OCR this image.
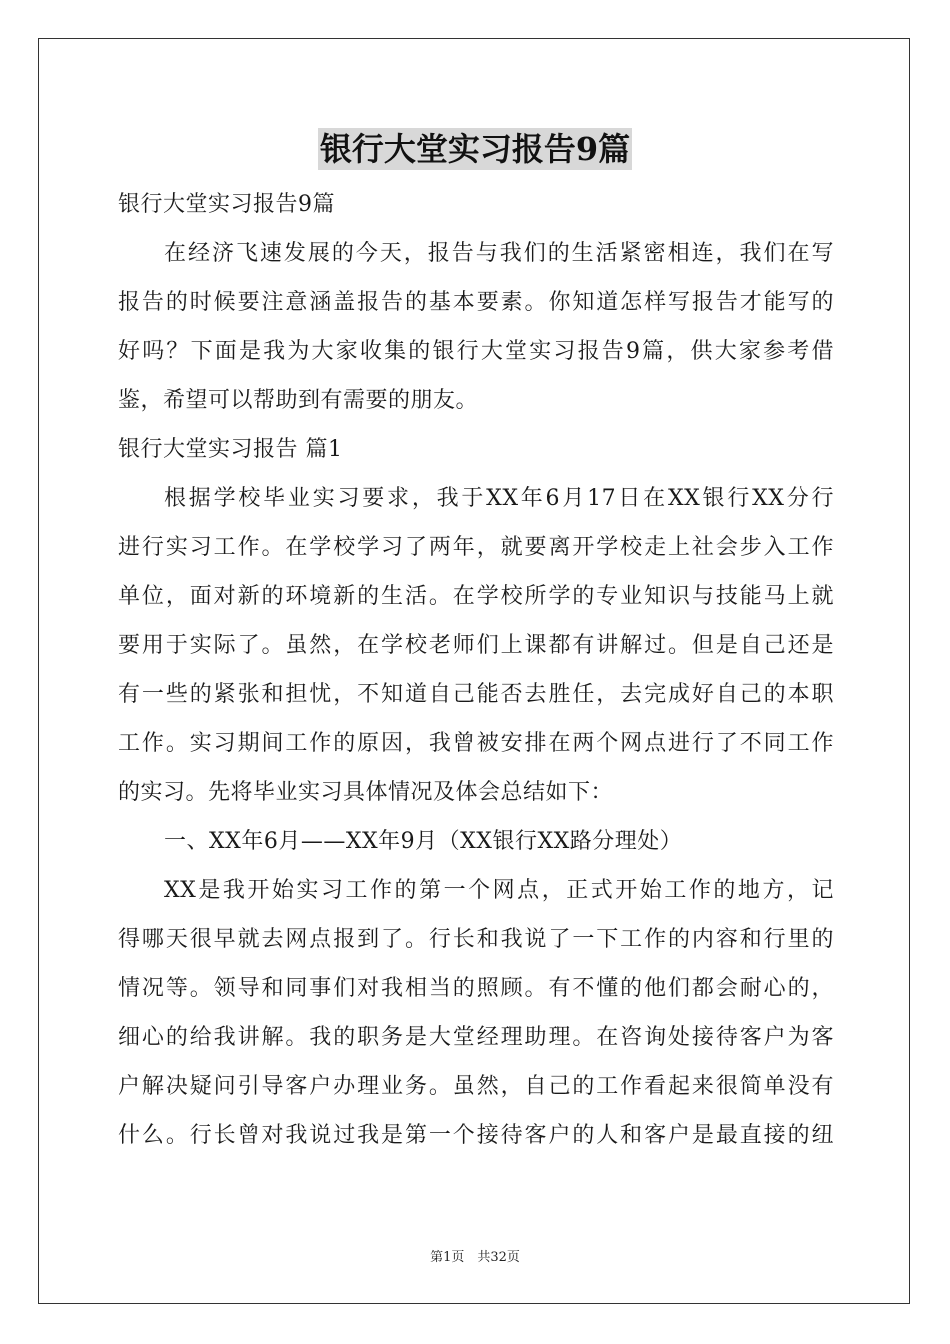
银行大堂实习报告9篇
银行大堂实习报告9篇
在经济飞速发展的今天，报告与我们的生活紧密相连，我们在写
报告的时候要注意涵盖报告的基本要素。你知道怎样写报告才能写的
好吗？下面是我为大家收集的银行大堂实习报告9篇，供大家参考借
鉴，希望可以帮助到有需要的朋友。
银行大堂实习报告 篇1
根据学校毕业实习要求，我于XX年6月17日在XX银行XX分行
进行实习工作。在学校学习了两年，就要离开学校走上社会步入工作
单位，面对新的环境新的生活。在学校所学的专业知识与技能马上就
要用于实际了。虽然，在学校老师们上课都有讲解过。但是自己还是
有一些的紧张和担忧，不知道自己能否去胜任，去完成好自己的本职
工作。实习期间工作的原因，我曾被安排在两个网点进行了不同工作
的实习。先将毕业实习具体情况及体会总结如下：
一、XX年6月——XX年9月（XX银行XX路分理处）
XX是我开始实习工作的第一个网点，正式开始工作的地方，记
得哪天很早就去网点报到了。行长和我说了一下工作的内容和行里的
情况等。领导和同事们对我相当的照顾。有不懂的他们都会耐心的，
细心的给我讲解。我的职务是大堂经理助理。在咨询处接待客户为客
户解决疑问引导客户办理业务。虽然，自己的工作看起来很简单没有
什么。行长曾对我说过我是第一个接待客户的人和客户是最直接的纽
第1页　共32页
